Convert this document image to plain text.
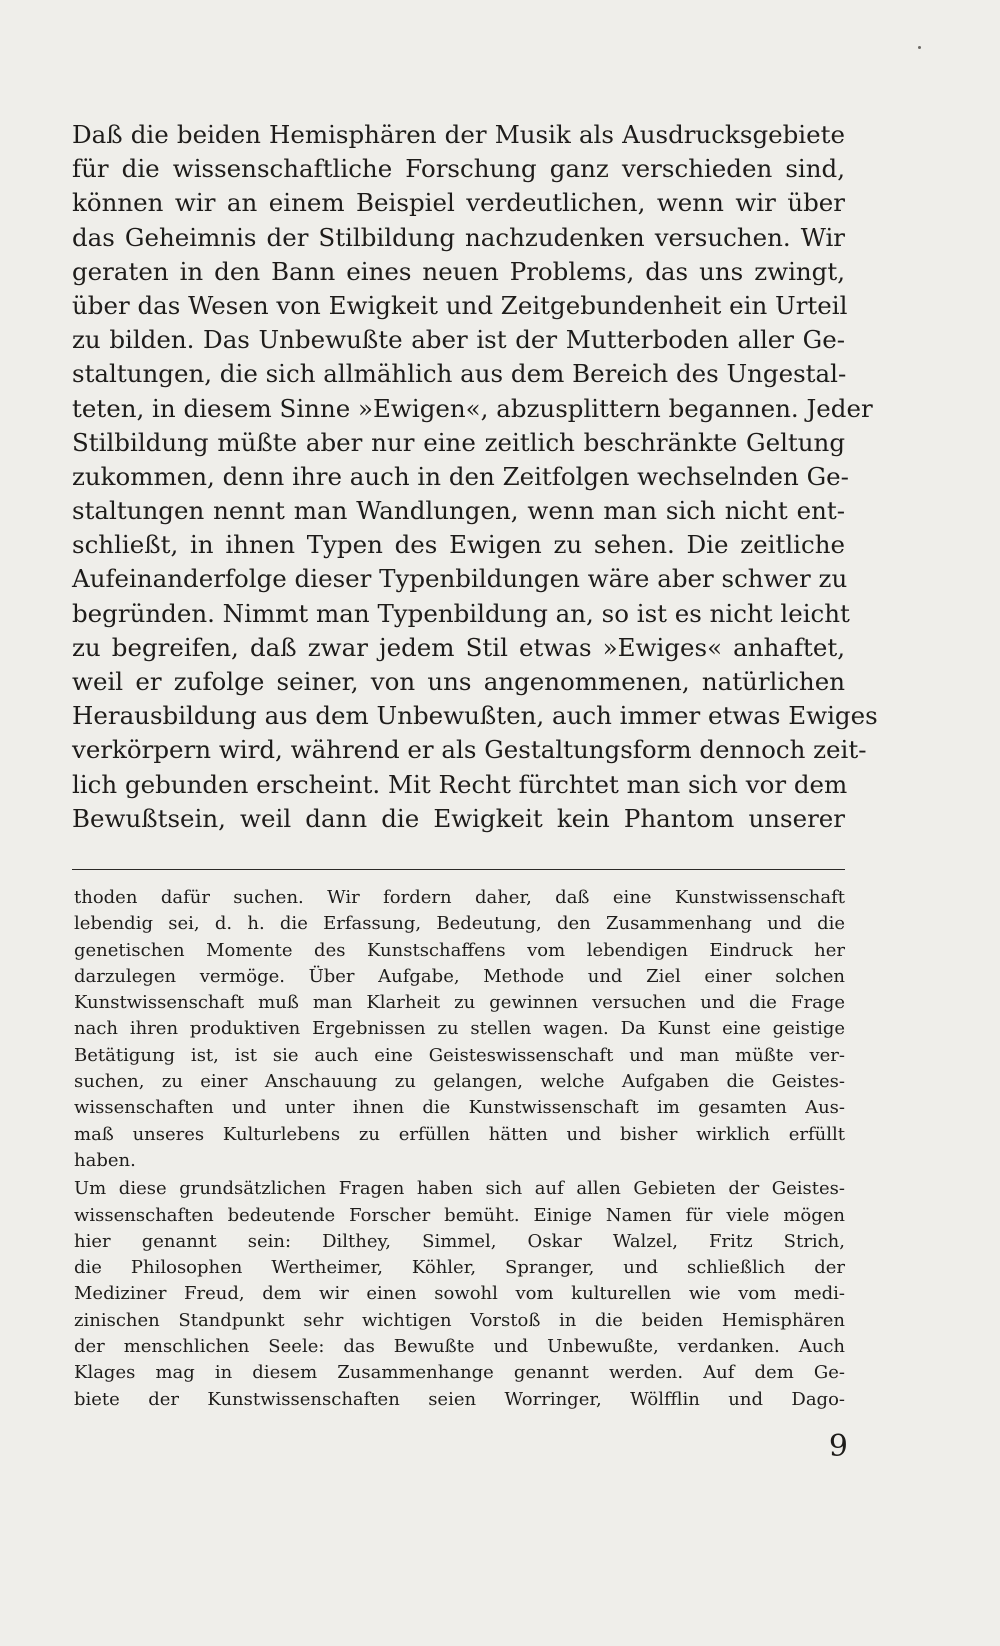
Daß die beiden Hemisphären der Musik als Ausdrucksgebiete
für die wissenschaftliche Forschung ganz verschieden sind,
können wir an einem Beispiel verdeutlichen, wenn wir über
das Geheimnis der Stilbildung nachzudenken versuchen. Wir
geraten in den Bann eines neuen Problems, das uns zwingt,
über das Wesen von Ewigkeit und Zeitgebundenheit ein Urteil
zu bilden. Das Unbewußte aber ist der Mutterboden aller Ge-
staltungen, die sich allmählich aus dem Bereich des Ungestal-
teten, in diesem Sinne »Ewigen«, abzusplittern begannen. Jeder
Stilbildung müßte aber nur eine zeitlich beschränkte Geltung
zukommen, denn ihre auch in den Zeitfolgen wechselnden Ge-
staltungen nennt man Wandlungen, wenn man sich nicht ent-
schließt, in ihnen Typen des Ewigen zu sehen. Die zeitliche
Aufeinanderfolge dieser Typenbildungen wäre aber schwer zu
begründen. Nimmt man Typenbildung an, so ist es nicht leicht
zu begreifen, daß zwar jedem Stil etwas »Ewiges« anhaftet,
weil er zufolge seiner, von uns angenommenen, natürlichen
Herausbildung aus dem Unbewußten, auch immer etwas Ewiges
verkörpern wird, während er als Gestaltungsform dennoch zeit-
lich gebunden erscheint. Mit Recht fürchtet man sich vor dem
Bewußtsein, weil dann die Ewigkeit kein Phantom unserer
thoden dafür suchen. Wir fordern daher, daß eine Kunstwissenschaft
lebendig sei, d. h. die Erfassung, Bedeutung, den Zusammenhang und die
genetischen Momente des Kunstschaffens vom lebendigen Eindruck her
darzulegen vermöge. Über Aufgabe, Methode und Ziel einer solchen
Kunstwissenschaft muß man Klarheit zu gewinnen versuchen und die Frage
nach ihren produktiven Ergebnissen zu stellen wagen. Da Kunst eine geistige
Betätigung ist, ist sie auch eine Geisteswissenschaft und man müßte ver-
suchen, zu einer Anschauung zu gelangen, welche Aufgaben die Geistes-
wissenschaften und unter ihnen die Kunstwissenschaft im gesamten Aus-
maß unseres Kulturlebens zu erfüllen hätten und bisher wirklich erfüllt
haben.
Um diese grundsätzlichen Fragen haben sich auf allen Gebieten der Geistes-
wissenschaften bedeutende Forscher bemüht. Einige Namen für viele mögen
hier genannt sein: Dilthey, Simmel, Oskar Walzel, Fritz Strich,
die Philosophen Wertheimer, Köhler, Spranger, und schließlich der
Mediziner Freud, dem wir einen sowohl vom kulturellen wie vom medi-
zinischen Standpunkt sehr wichtigen Vorstoß in die beiden Hemisphären
der menschlichen Seele: das Bewußte und Unbewußte, verdanken. Auch
Klages mag in diesem Zusammenhange genannt werden. Auf dem Ge-
biete der Kunstwissenschaften seien Worringer, Wölfflin und Dago-
9
